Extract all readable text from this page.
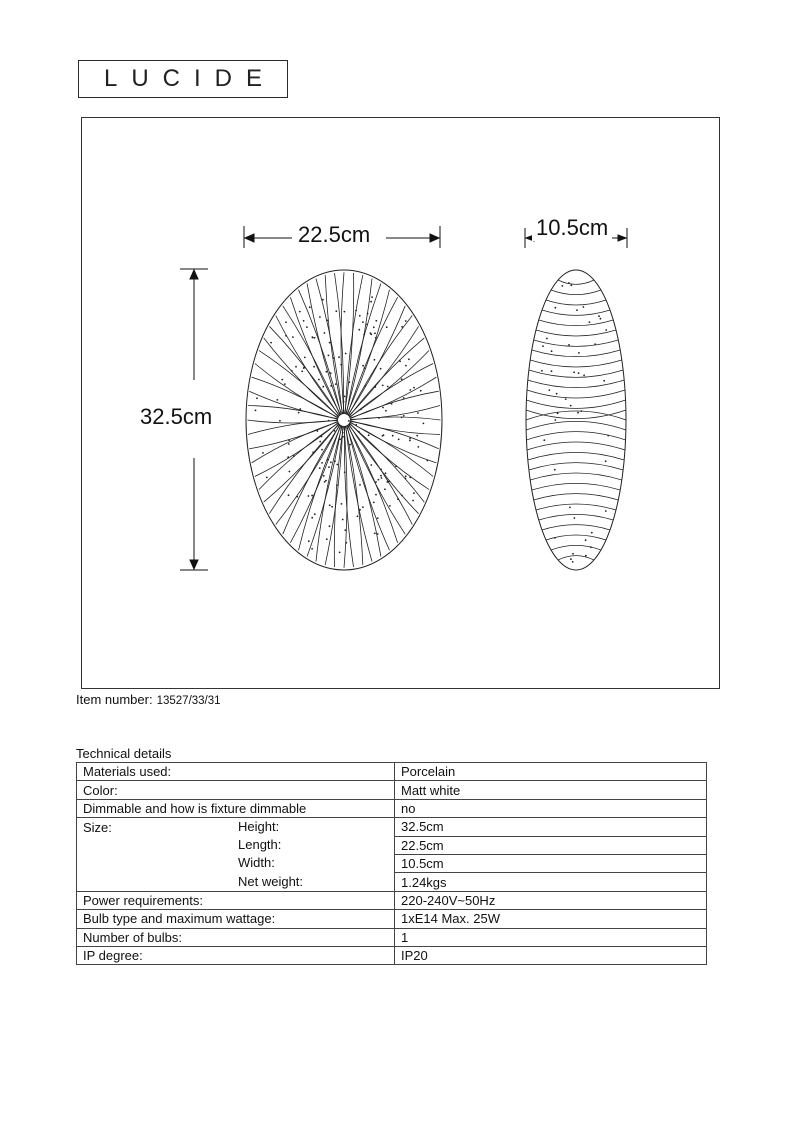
LUCIDE
22.5cm
32.5cm
10.5cm
Item number: 13527/33/31
Technical details
Materials used:	Porcelain
Color:	Matt white
Dimmable and how is fixture dimmable	no
Size: Height:	32.5cm

Length:	22.5cm

Width:	10.5cm

Net weight:	1.24kgs
Power requirements:	220-240V~50Hz
Bulb type and maximum wattage:	1xE14 Max. 25W
Number of bulbs:	1
IP degree:	IP20
